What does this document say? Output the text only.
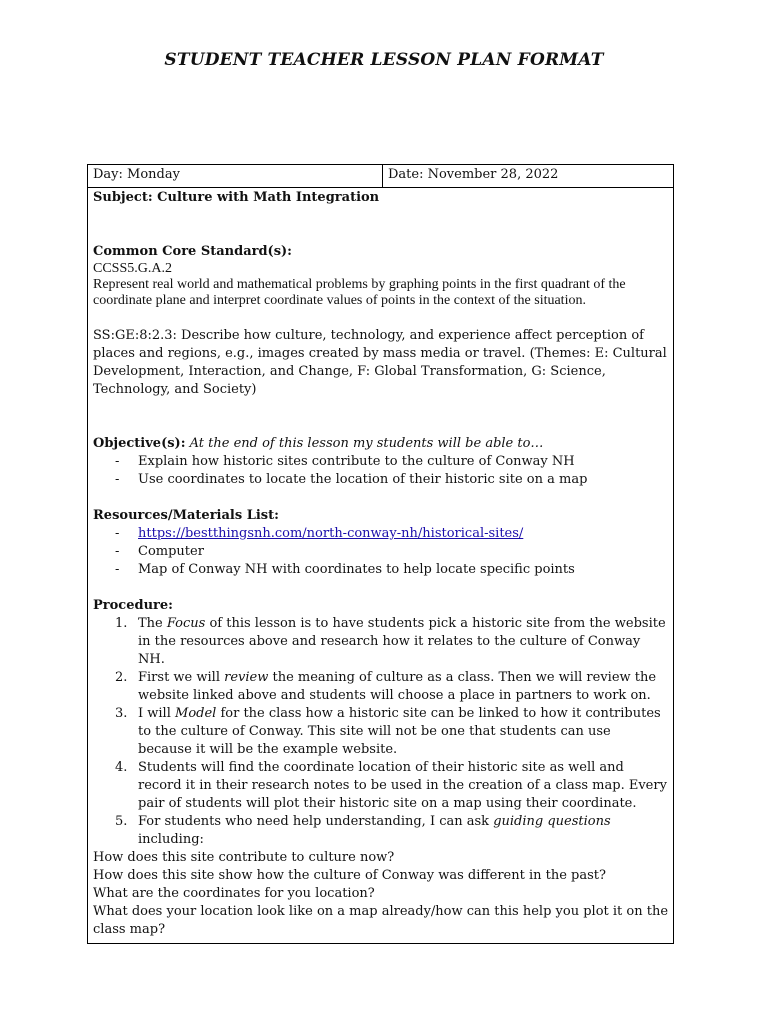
STUDENT TEACHER LESSON PLAN FORMAT
Day: Monday	Date: November 28, 2022
Subject: Culture with Math Integration
Common Core Standard(s):
CCSS5.G.A.2
Represent real world and mathematical problems by graphing points in the first quadrant of the coordinate plane and interpret coordinate values of points in the context of the situation.
SS:GE:8:2.3: Describe how culture, technology, and experience affect perception of places and regions, e.g., images created by mass media or travel. (Themes: E: Cultural Development, Interaction, and Change, F: Global Transformation, G: Science, Technology, and Society)
Objective(s): At the end of this lesson my students will be able to…
- Explain how historic sites contribute to the culture of Conway NH
- Use coordinates to locate the location of their historic site on a map
Resources/Materials List:
- https://bestthingsnh.com/north-conway-nh/historical-sites/
- Computer
- Map of Conway NH with coordinates to help locate specific points
Procedure:
1. The Focus of this lesson is to have students pick a historic site from the website in the resources above and research how it relates to the culture of Conway NH.
2. First we will review the meaning of culture as a class. Then we will review the website linked above and students will choose a place in partners to work on.
3. I will Model for the class how a historic site can be linked to how it contributes to the culture of Conway. This site will not be one that students can use because it will be the example website.
4. Students will find the coordinate location of their historic site as well and record it in their research notes to be used in the creation of a class map. Every pair of students will plot their historic site on a map using their coordinate.
5. For students who need help understanding, I can ask guiding questions including:
How does this site contribute to culture now?
How does this site show how the culture of Conway was different in the past?
What are the coordinates for you location?
What does your location look like on a map already/how can this help you plot it on the class map?
